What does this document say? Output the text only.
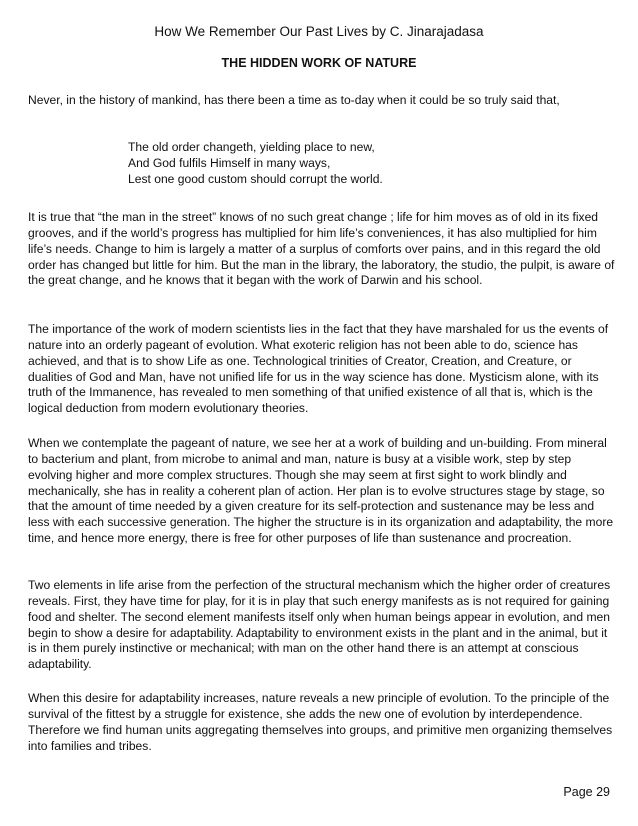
How We Remember Our Past Lives by C. Jinarajadasa
THE HIDDEN WORK OF NATURE

Never, in the history of mankind, has there been a time as to-day when it could be so truly said that,

The old order changeth, yielding place to new,
And God fulfils Himself in many ways,
Lest one good custom should corrupt the world.

It is true that “the man in the street” knows of no such great change ; life for him moves as of old in its fixed grooves, and if the world’s progress has multiplied for him life’s conveniences, it has also multiplied for him life’s needs. Change to him is largely a matter of a surplus of comforts over pains, and in this regard the old order has changed but little for him. But the man in the library, the laboratory, the studio, the pulpit, is aware of the great change, and he knows that it began with the work of Darwin and his school.

The importance of the work of modern scientists lies in the fact that they have marshaled for us the events of nature into an orderly pageant of evolution. What exoteric religion has not been able to do, science has achieved, and that is to show Life as one. Technological trinities of Creator, Creation, and Creature, or dualities of God and Man, have not unified life for us in the way science has done. Mysticism alone, with its truth of the Immanence, has revealed to men something of that unified existence of all that is, which is the logical deduction from modern evolutionary theories.

When we contemplate the pageant of nature, we see her at a work of building and un-building. From mineral to bacterium and plant, from microbe to animal and man, nature is busy at a visible work, step by step evolving higher and more complex structures. Though she may seem at first sight to work blindly and mechanically, she has in reality a coherent plan of action. Her plan is to evolve structures stage by stage, so that the amount of time needed by a given creature for its self-protection and sustenance may be less and less with each successive generation. The higher the structure is in its organization and adaptability, the more time, and hence more energy, there is free for other purposes of life than sustenance and procreation.

Two elements in life arise from the perfection of the structural mechanism which the higher order of creatures reveals. First, they have time for play, for it is in play that such energy manifests as is not required for gaining food and shelter. The second element manifests itself only when human beings appear in evolution, and men begin to show a desire for adaptability. Adaptability to environment exists in the plant and in the animal, but it is in them purely instinctive or mechanical; with man on the other hand there is an attempt at conscious adaptability.

When this desire for adaptability increases, nature reveals a new principle of evolution. To the principle of the survival of the fittest by a struggle for existence, she adds the new one of evolution by interdependence. Therefore we find human units aggregating themselves into groups, and primitive men organizing themselves into families and tribes.

Page 29
